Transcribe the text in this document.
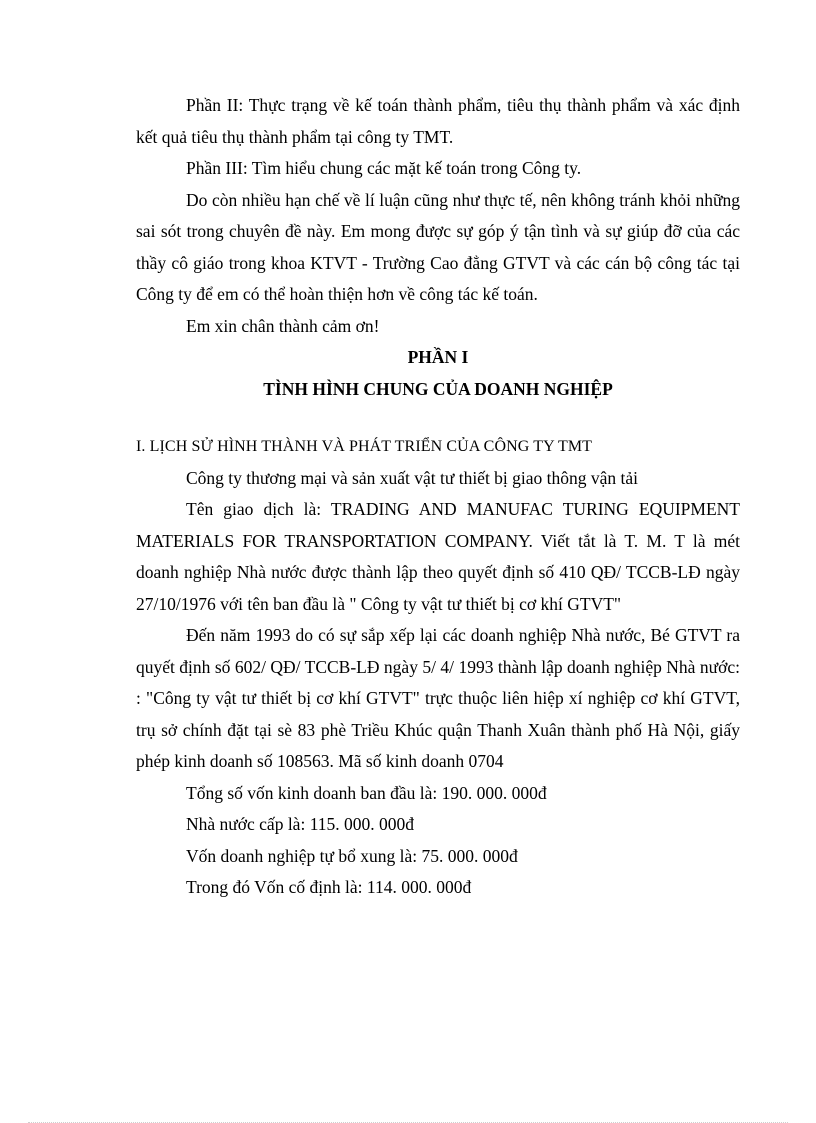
Phần II: Thực trạng về kế toán thành phẩm, tiêu thụ thành phẩm và xác định kết quả tiêu thụ thành phẩm tại công ty TMT.

Phần III: Tìm hiểu chung các mặt kế toán trong Công ty.

Do còn nhiều hạn chế về lí luận cũng như thực tế, nên không tránh khỏi những sai sót trong chuyên đề này. Em mong được sự góp ý tận tình và sự giúp đỡ của các thầy cô giáo trong khoa KTVT - Trường Cao đẳng GTVT và các cán bộ công tác tại Công ty để em có thể hoàn thiện hơn về công tác kế toán.

Em xin chân thành cảm ơn!

PHẦN I

TÌNH HÌNH CHUNG CỦA DOANH NGHIỆP

I. LỊCH SỬ HÌNH THÀNH VÀ PHÁT TRIỂN CỦA CÔNG TY TMT

Công ty thương mại và sản xuất vật tư thiết bị giao thông vận tải

Tên giao dịch là: TRADING AND MANUFAC TURING EQUIPMENT MATERIALS FOR TRANSPORTATION COMPANY. Viết tắt là T. M. T là mét doanh nghiệp Nhà nước được thành lập theo quyết định số 410 QĐ/ TCCB-LĐ ngày 27/10/1976 với tên ban đầu là " Công ty vật tư thiết bị cơ khí GTVT"

Đến năm 1993 do có sự sắp xếp lại các doanh nghiệp Nhà nước, Bé GTVT ra quyết định số 602/ QĐ/ TCCB-LĐ ngày 5/ 4/ 1993 thành lập doanh nghiệp Nhà nước: : "Công ty vật tư thiết bị cơ khí GTVT" trực thuộc liên hiệp xí nghiệp cơ khí GTVT, trụ sở chính đặt tại sè 83 phè Triều Khúc quận Thanh Xuân thành phố Hà Nội, giấy phép kinh doanh số 108563. Mã số kinh doanh 0704

Tổng số vốn kinh doanh ban đầu là: 190. 000. 000đ

Nhà nước cấp là: 115. 000. 000đ

Vốn doanh nghiệp tự bổ xung là: 75. 000. 000đ

Trong đó Vốn cố định là: 114. 000. 000đ
